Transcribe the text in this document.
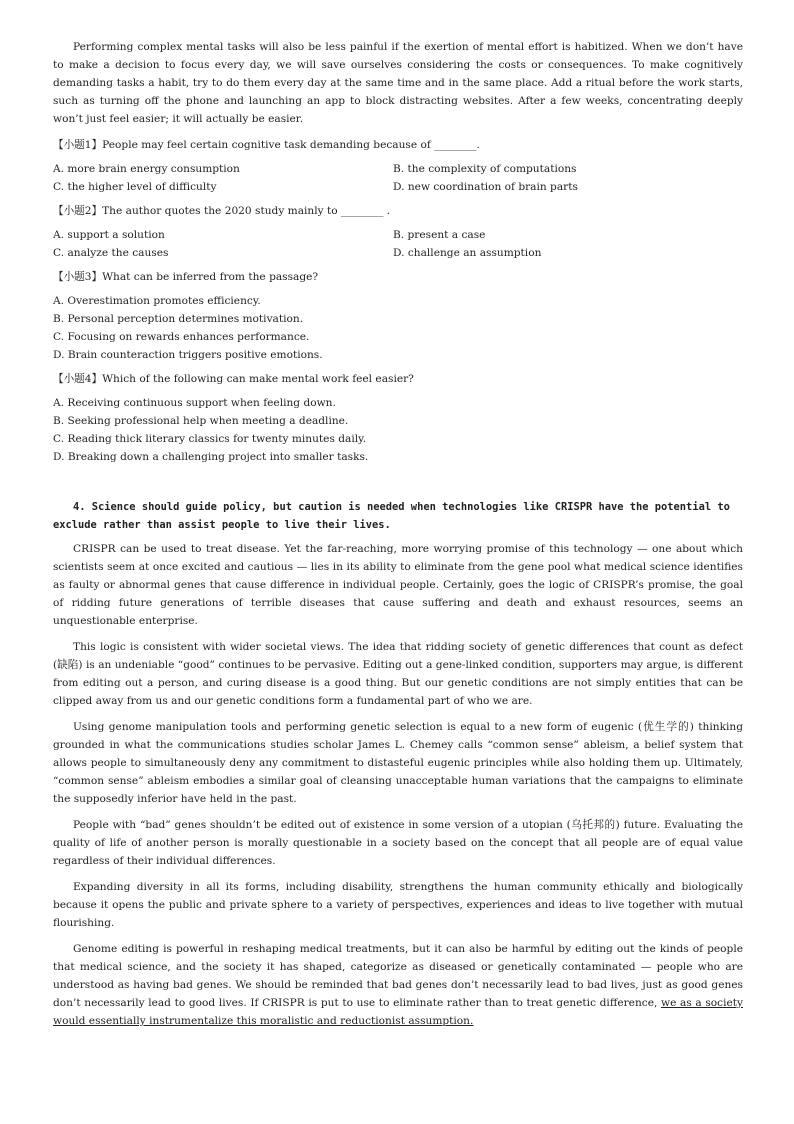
Performing complex mental tasks will also be less painful if the exertion of mental effort is habitized. When we don’t have to make a decision to focus every day, we will save ourselves considering the costs or consequences. To make cognitively demanding tasks a habit, try to do them every day at the same time and in the same place. Add a ritual before the work starts, such as turning off the phone and launching an app to block distracting websites. After a few weeks, concentrating deeply won’t just feel easier; it will actually be easier.

【小题1】People may feel certain cognitive task demanding because of ________.

A. more brain energy consumption	B. the complexity of computations
C. the higher level of difficulty	D. new coordination of brain parts

【小题2】The author quotes the 2020 study mainly to ________ .

A. support a solution	B. present a case
C. analyze the causes	D. challenge an assumption

【小题3】What can be inferred from the passage?

A. Overestimation promotes efficiency.
B. Personal perception determines motivation.
C. Focusing on rewards enhances performance.
D. Brain counteraction triggers positive emotions.

【小题4】Which of the following can make mental work feel easier?

A. Receiving continuous support when feeling down.
B. Seeking professional help when meeting a deadline.
C. Reading thick literary classics for twenty minutes daily.
D. Breaking down a challenging project into smaller tasks.

4. Science should guide policy, but caution is needed when technologies like CRISPR have the potential to exclude rather than assist people to live their lives.

CRISPR can be used to treat disease. Yet the far-reaching, more worrying promise of this technology — one about which scientists seem at once excited and cautious — lies in its ability to eliminate from the gene pool what medical science identifies as faulty or abnormal genes that cause difference in individual people. Certainly, goes the logic of CRISPR’s promise, the goal of ridding future generations of terrible diseases that cause suffering and death and exhaust resources, seems an unquestionable enterprise.

This logic is consistent with wider societal views. The idea that ridding society of genetic differences that count as defect (缺陷) is an undeniable “good” continues to be pervasive. Editing out a gene-linked condition, supporters may argue, is different from editing out a person, and curing disease is a good thing. But our genetic conditions are not simply entities that can be clipped away from us and our genetic conditions form a fundamental part of who we are.

Using genome manipulation tools and performing genetic selection is equal to a new form of eugenic (优生学的) thinking grounded in what the communications studies scholar James L. Chemey calls “common sense” ableism, a belief system that allows people to simultaneously deny any commitment to distasteful eugenic principles while also holding them up. Ultimately, “common sense” ableism embodies a similar goal of cleansing unacceptable human variations that the campaigns to eliminate the supposedly inferior have held in the past.

People with “bad” genes shouldn’t be edited out of existence in some version of a utopian (乌托邦的) future. Evaluating the quality of life of another person is morally questionable in a society based on the concept that all people are of equal value regardless of their individual differences.

Expanding diversity in all its forms, including disability, strengthens the human community ethically and biologically because it opens the public and private sphere to a variety of perspectives, experiences and ideas to live together with mutual flourishing.

Genome editing is powerful in reshaping medical treatments, but it can also be harmful by editing out the kinds of people that medical science, and the society it has shaped, categorize as diseased or genetically contaminated — people who are understood as having bad genes. We should be reminded that bad genes don’t necessarily lead to bad lives, just as good genes don’t necessarily lead to good lives. If CRISPR is put to use to eliminate rather than to treat genetic difference, we as a society would essentially instrumentalize this moralistic and reductionist assumption.
